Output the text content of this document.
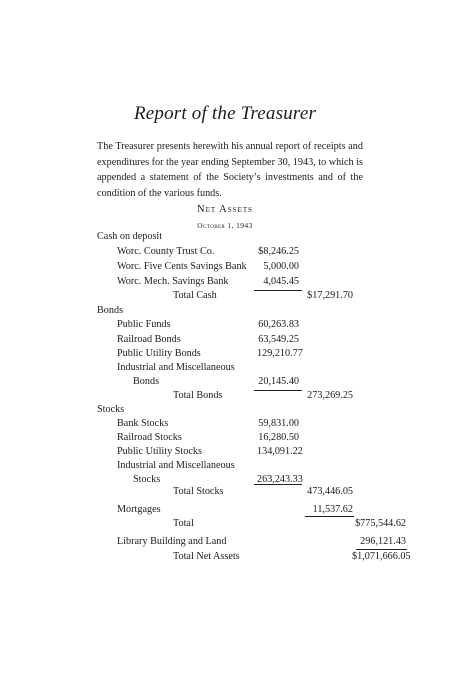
Report of the Treasurer
The Treasurer presents herewith his annual report of receipts and expenditures for the year ending September 30, 1943, to which is appended a statement of the Society’s investments and of the condition of the various funds.
Net Assets
October 1, 1943
Cash on deposit
Worc. County Trust Co.	$8,246.25
Worc. Five Cents Savings Bank	5,000.00
Worc. Mech. Savings Bank	4,045.45
Total Cash	$17,291.70
Bonds
Public Funds	60,263.83
Railroad Bonds	63,549.25
Public Utility Bonds	129,210.77
Industrial and Miscellaneous
Bonds	20,145.40
Total Bonds	273,269.25
Stocks
Bank Stocks	59,831.00
Railroad Stocks	16,280.50
Public Utility Stocks	134,091.22
Industrial and Miscellaneous
Stocks	263,243.33
Total Stocks	473,446.05
Mortgages	11,537.62
Total	$775,544.62
Library Building and Land	296,121.43
Total Net Assets	$1,071,666.05
